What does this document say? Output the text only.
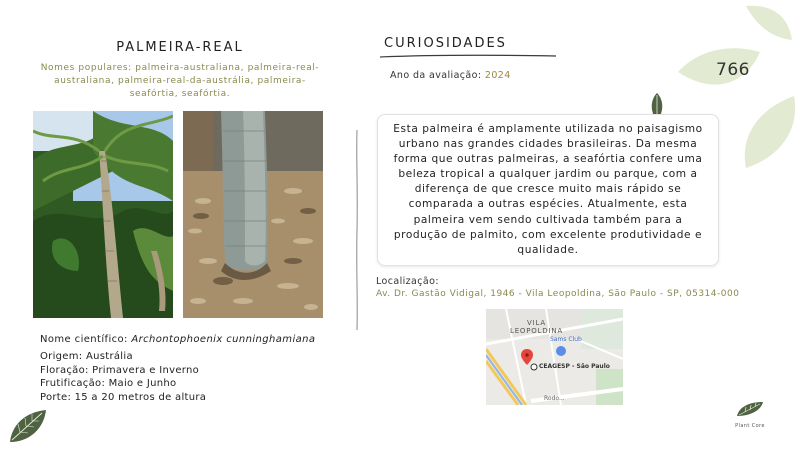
PALMEIRA-REAL
Nomes populares: palmeira-australiana, palmeira-real-australiana, palmeira-real-da-austrália, palmeira-seafórtia, seafórtia.
Nome científico: Archontophoenix cunninghamiana
Origem: Austrália
Floração: Primavera e Inverno
Frutificação: Maio e Junho
Porte: 15 a 20 metros de altura
CURIOSIDADES
Ano da avaliação: 2024	766
Esta palmeira é amplamente utilizada no paisagismo urbano nas grandes cidades brasileiras. Da mesma forma que outras palmeiras, a seafórtia confere uma beleza tropical a qualquer jardim ou parque, com a diferença de que cresce muito mais rápido se comparada a outras espécies. Atualmente, esta palmeira vem sendo cultivada também para a produção de palmito, com excelente produtividade e qualidade.
Localização:
Av. Dr. Gastão Vidigal, 1946 - Vila Leopoldina, São Paulo - SP, 05314-000
VILA
LEOPOLDINA
Sams Club
CEAGESP - São Paulo
Rodo...
Plant Core
